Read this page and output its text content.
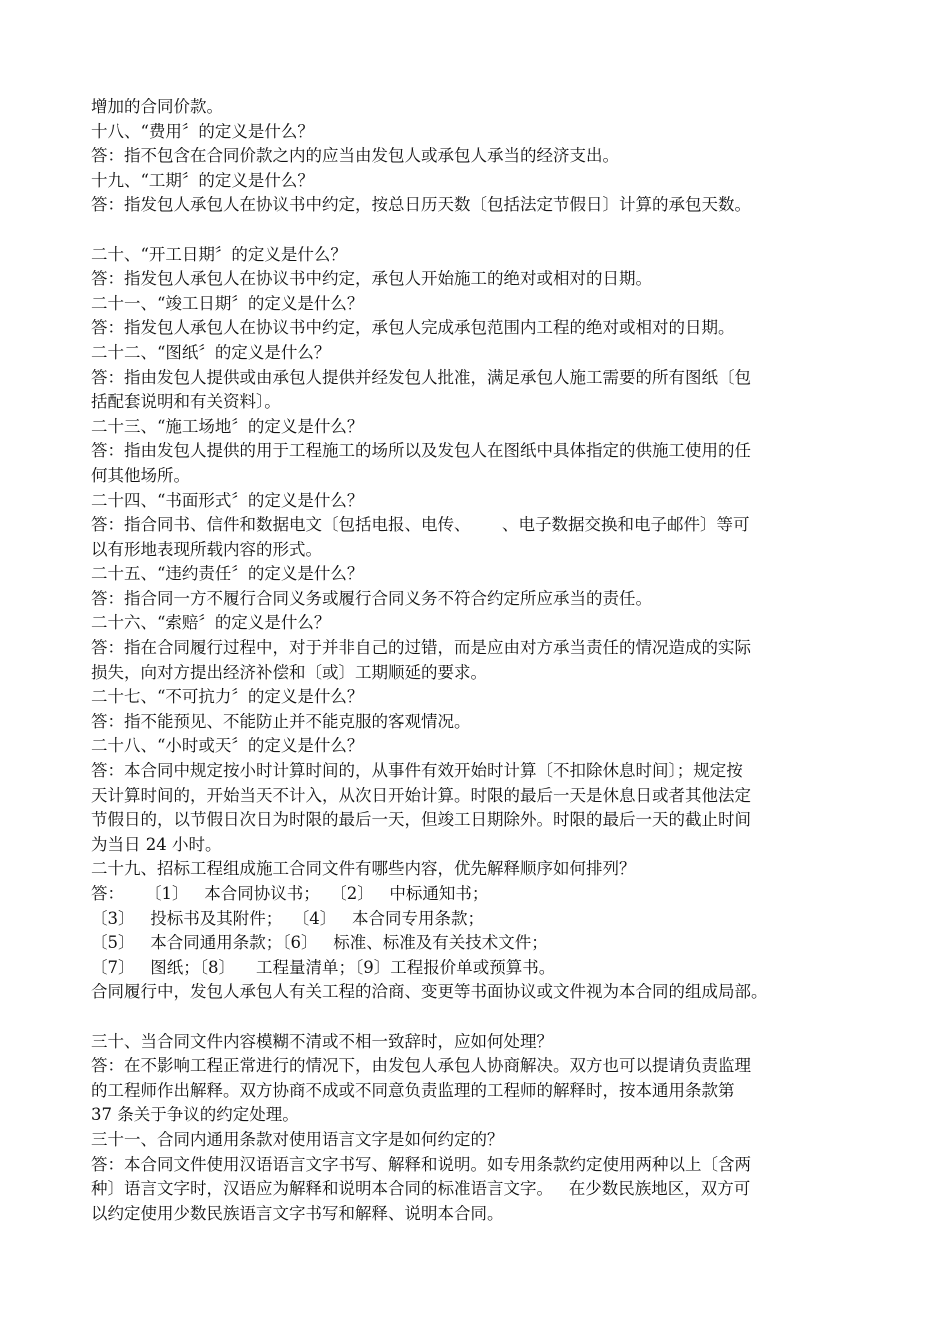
增加的合同价款。
十八、“费用〞的定义是什么？
答：指不包含在合同价款之内的应当由发包人或承包人承当的经济支出。
十九、“工期〞的定义是什么？
答：指发包人承包人在协议书中约定，按总日历天数〔包括法定节假日〕计算的承包天数。
二十、“开工日期〞的定义是什么？
答：指发包人承包人在协议书中约定，承包人开始施工的绝对或相对的日期。
二十一、“竣工日期〞的定义是什么？
答：指发包人承包人在协议书中约定，承包人完成承包范围内工程的绝对或相对的日期。
二十二、“图纸〞的定义是什么？
答：指由发包人提供或由承包人提供并经发包人批准，满足承包人施工需要的所有图纸〔包
括配套说明和有关资料〕。
二十三、“施工场地〞的定义是什么？
答：指由发包人提供的用于工程施工的场所以及发包人在图纸中具体指定的供施工使用的任
何其他场所。
二十四、“书面形式〞的定义是什么？
答：指合同书、信件和数据电文〔包括电报、电传、      、电子数据交换和电子邮件〕等可
以有形地表现所载内容的形式。
二十五、“违约责任〞的定义是什么？
答：指合同一方不履行合同义务或履行合同义务不符合约定所应承当的责任。
二十六、“索赔〞的定义是什么？
答：指在合同履行过程中，对于并非自己的过错，而是应由对方承当责任的情况造成的实际
损失，向对方提出经济补偿和〔或〕工期顺延的要求。
二十七、“不可抗力〞的定义是什么？
答：指不能预见、不能防止并不能克服的客观情况。
二十八、“小时或天〞的定义是什么？
答：本合同中规定按小时计算时间的，从事件有效开始时计算〔不扣除休息时间〕；规定按
天计算时间的，开始当天不计入，从次日开始计算。时限的最后一天是休息日或者其他法定
节假日的，以节假日次日为时限的最后一天，但竣工日期除外。时限的最后一天的截止时间
为当日 24 小时。
二十九、招标工程组成施工合同文件有哪些内容，优先解释顺序如何排列？
答：    〔1〕   本合同协议书；  〔2〕   中标通知书；
〔3〕   投标书及其附件；  〔4〕   本合同专用条款；
〔5〕   本合同通用条款；〔6〕   标准、标准及有关技术文件；
〔7〕   图纸；〔8〕    工程量清单；〔9〕工程报价单或预算书。
合同履行中，发包人承包人有关工程的洽商、变更等书面协议或文件视为本合同的组成局部。
三十、当合同文件内容模糊不清或不相一致辞时，应如何处理？
答：在不影响工程正常进行的情况下，由发包人承包人协商解决。双方也可以提请负责监理
的工程师作出解释。双方协商不成或不同意负责监理的工程师的解释时，按本通用条款第
37 条关于争议的约定处理。
三十一、合同内通用条款对使用语言文字是如何约定的？
答：本合同文件使用汉语语言文字书写、解释和说明。如专用条款约定使用两种以上〔含两
种〕语言文字时，汉语应为解释和说明本合同的标准语言文字。   在少数民族地区，双方可
以约定使用少数民族语言文字书写和解释、说明本合同。
